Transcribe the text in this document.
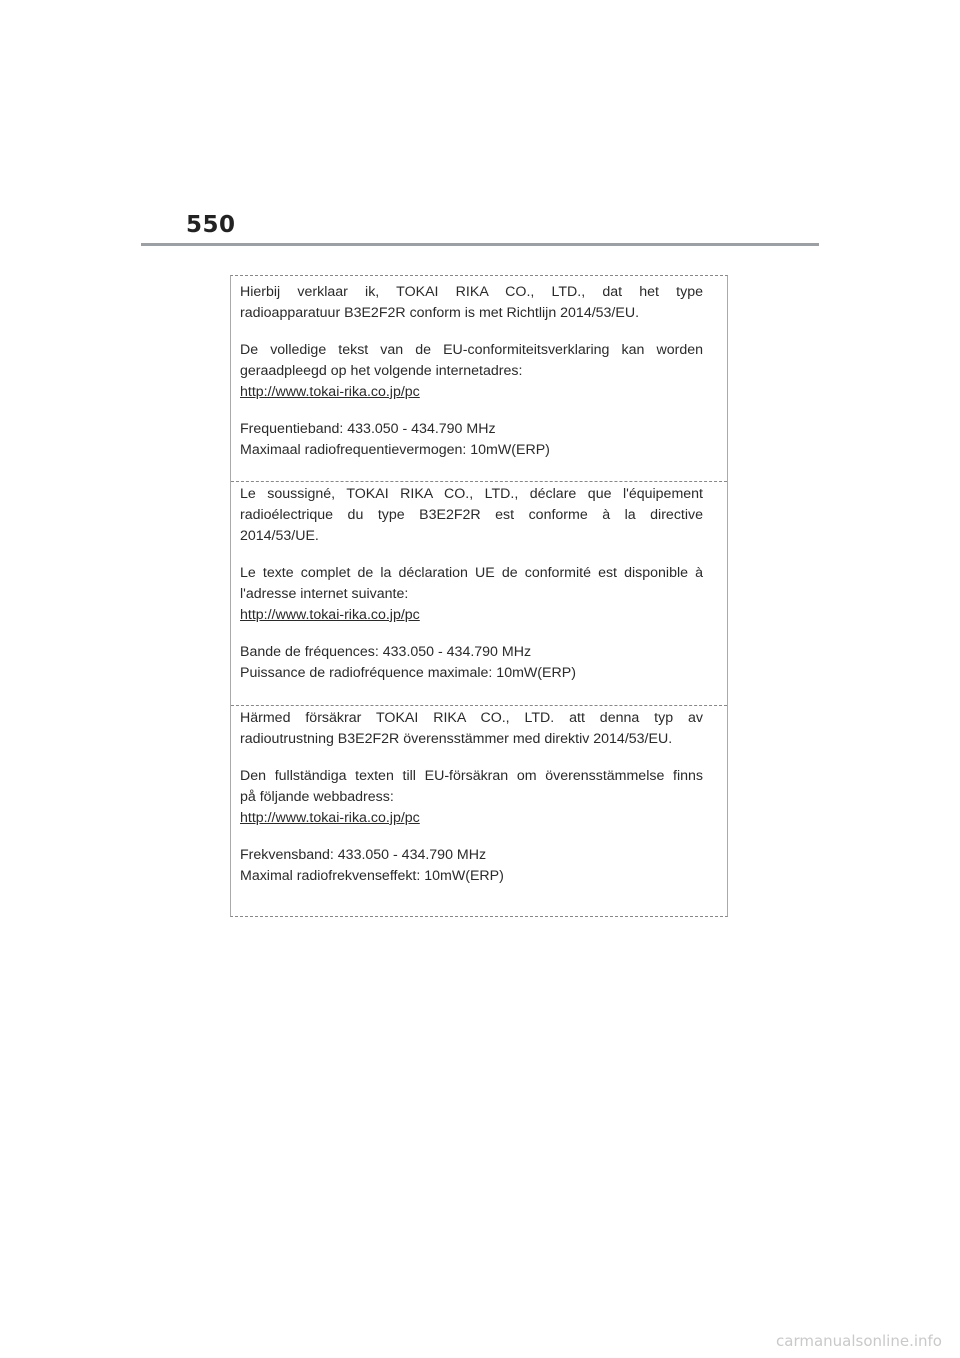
550

Hierbij verklaar ik, TOKAI RIKA CO., LTD., dat het type

radioapparatuur B3E2F2R conform is met Richtlijn 2014/53/EU.

De volledige tekst van de EU-conformiteitsverklaring kan worden

geraadpleegd op het volgende internetadres:

http://www.tokai-rika.co.jp/pc

Frequentieband: 433.050 - 434.790 MHz

Maximaal radiofrequentievermogen: 10mW(ERP)

Le soussigné, TOKAI RIKA CO., LTD., déclare que l'équipement

radioélectrique du type B3E2F2R est conforme à la directive

2014/53/UE.

Le texte complet de la déclaration UE de conformité est disponible à

l'adresse internet suivante:

http://www.tokai-rika.co.jp/pc

Bande de fréquences: 433.050 - 434.790 MHz

Puissance de radiofréquence maximale: 10mW(ERP)

Härmed försäkrar TOKAI RIKA CO., LTD. att denna typ av

radioutrustning B3E2F2R överensstämmer med direktiv 2014/53/EU.

Den fullständiga texten till EU-försäkran om överensstämmelse finns

på följande webbadress:

http://www.tokai-rika.co.jp/pc

Frekvensband: 433.050 - 434.790 MHz

Maximal radiofrekvenseffekt: 10mW(ERP)

carmanualsonline.info
